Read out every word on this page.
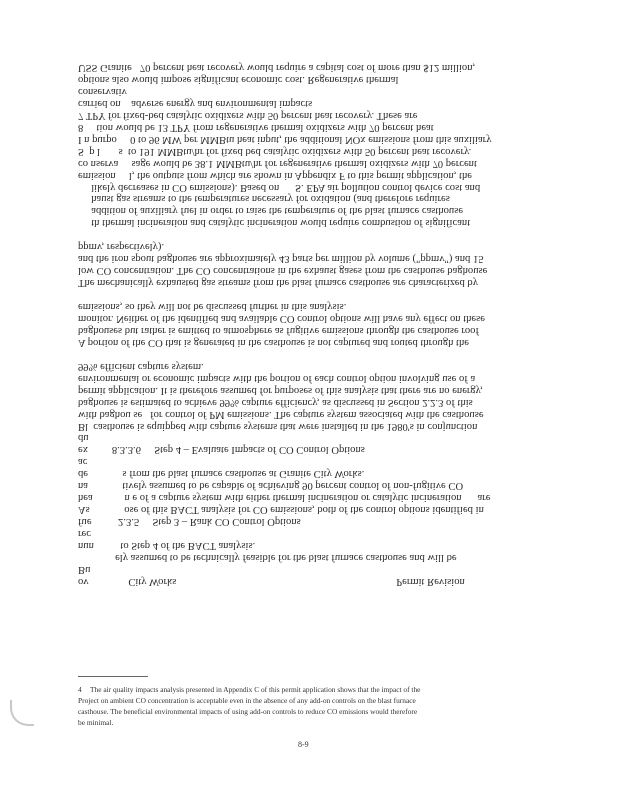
USS Granite   70 percent heat recovery would require a capital cost of more than $12 million,
options also would impose significant economic cost. Regenerative thermal
conservativ
carried on    adverse energy and environmental impacts
7 TPY for fixed-bed catalytic oxidizers with 50 percent heat recovery. These are
8     tion would be 13 TPY from regenerative thermal oxidizers with 70 percent heat
I n purpo     0 to 96 MW per MMBtu heat input, the additional NOx emissions from this auxiliary
S  p l       s  to 191 MMBtu/hr for fixed bed catalytic oxidizers with 50 percent heat recovery.
co nserva     sage would be 38.1 MMBtu/hr for regenerative thermal oxidizers with 70 percent
emission     l, the outputs from which are shown in Appendix F to this permit application, the
likely decreases in CO emissions). Based on      S. EPA air pollution control device cost and
haust gas streams to the temperatures necessary for oxidation (and therefore requires
addition of auxiliary fuel in order to raise the temperature of the blast furnace casthouse
th thermal incineration and catalytic incineration would require combustion of significant
ppmv, respectively).
and the iron spout baghouse are approximately 43 parts per million by volume ("ppmv") and 15
low CO concentration. The CO concentrations in the exhaust gases from the casthouse baghouse
The mechanically exhausted gas streams from the blast furnace casthouse are characterized by
emissions, so they will not be discussed further in this analysis.
monitor. Neither of the identified and available CO control options will have any effect on these
baghouses but rather is emitted to atmosphere as fugitive emissions through the casthouse roof
A portion of the CO that is generated in the casthouse is not captured and routed through the
99% efficient capture system.
environmental or economic impacts with the portion of each control option involving use of a
permit application. It is therefore assumed for purposes of this analysis that there are no energy,
baghouse is estimated to achieve 99% capture efficiency, as discussed in Section 2.2.3 of this
with baghou se   for control of PM emissions. The capture system associated with the casthouse
Bl  casthouse is equipped with capture systems that were installed in the 1980's in conjunction
du
ex         8.3.3.6     Step 4 – Evaluate Impacts of CO Control Options
ac
de             s from the blast furnace casthouse at Granite City Works.
na             tively assumed to be capable of achieving 90 percent control of non-fugitive CO
hea            n e of a capture system with either thermal incineration or catalytic incineration      are
As             ose of this BACT analysis for CO emissions, both of the control options identified in
fue          2.3.5     Step 3 – Rank CO Control Options
rec
nun          to Step 4 of the BACT analysis.
ely assumed to be technically feasible for the blast furnace casthouse and will be
Bu
ov               City Works                                                                                   Permit Revision
4 The air quality impacts analysis presented in Appendix C of this permit application shows that the impact of the
Project on ambient CO concentration is acceptable even in the absence of any add-on controls on the blast furnace
casthouse. The beneficial environmental impacts of using add-on controls to reduce CO emissions would therefore
be minimal.
8-9
